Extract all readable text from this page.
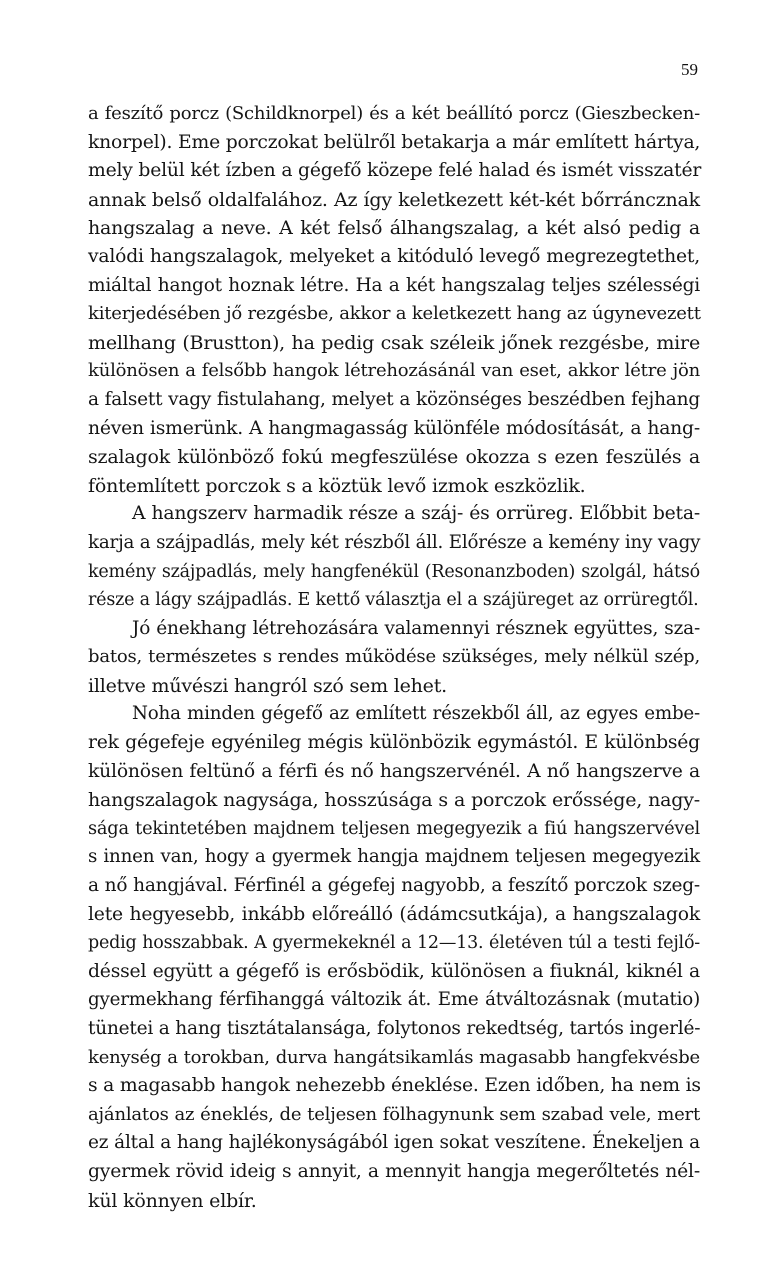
59
a feszítő porcz (Schildknorpel) és a két beállító porcz (Gieszbecken-
knorpel). Eme porczokat belülről betakarja a már említett hártya,
mely belül két ízben a gégefő közepe felé halad és ismét visszatér
annak belső oldalfalához. Az így keletkezett két-két bőrráncznak
hangszalag a neve. A két felső álhangszalag, a két alsó pedig a
valódi hangszalagok, melyeket a kitóduló levegő megrezegtethet,
miáltal hangot hoznak létre. Ha a két hangszalag teljes szélességi
kiterjedésében jő rezgésbe, akkor a keletkezett hang az úgynevezett
mellhang (Brustton), ha pedig csak széleik jőnek rezgésbe, mire
különösen a felsőbb hangok létrehozásánál van eset, akkor létre jön
a falsett vagy fistulahang, melyet a közönséges beszédben fejhang
néven ismerünk. A hangmagasság különféle módosítását, a hang-
szalagok különböző fokú megfeszülése okozza s ezen feszülés a
föntemlített porczok s a köztük levő izmok eszközlik.
A hangszerv harmadik része a száj- és orrüreg. Előbbit beta-
karja a szájpadlás, mely két részből áll. Előrésze a kemény iny vagy
kemény szájpadlás, mely hangfenékül (Resonanzboden) szolgál, hátsó
része a lágy szájpadlás. E kettő választja el a szájüreget az orrüregtől.
Jó énekhang létrehozására valamennyi résznek együttes, sza-
batos, természetes s rendes működése szükséges, mely nélkül szép,
illetve művészi hangról szó sem lehet.
Noha minden gégefő az említett részekből áll, az egyes embe-
rek gégefeje egyénileg mégis különbözik egymástól. E különbség
különösen feltünő a férfi és nő hangszervénél. A nő hangszerve a
hangszalagok nagysága, hosszúsága s a porczok erőssége, nagy-
sága tekintetében majdnem teljesen megegyezik a fiú hangszervével
s innen van, hogy a gyermek hangja majdnem teljesen megegyezik
a nő hangjával. Férfinél a gégefej nagyobb, a feszítő porczok szeg-
lete hegyesebb, inkább előreálló (ádámcsutkája), a hangszalagok
pedig hosszabbak. A gyermekeknél a 12—13. életéven túl a testi fejlő-
déssel együtt a gégefő is erősbödik, különösen a fiuknál, kiknél a
gyermekhang férfihanggá változik át. Eme átváltozásnak (mutatio)
tünetei a hang tisztátalansága, folytonos rekedtség, tartós ingerlé-
kenység a torokban, durva hangátsikamlás magasabb hangfekvésbe
s a magasabb hangok nehezebb éneklése. Ezen időben, ha nem is
ajánlatos az éneklés, de teljesen fölhagynunk sem szabad vele, mert
ez által a hang hajlékonyságából igen sokat veszítene. Énekeljen a
gyermek rövid ideig s annyit, a mennyit hangja megerőltetés nél-
kül könnyen elbír.
